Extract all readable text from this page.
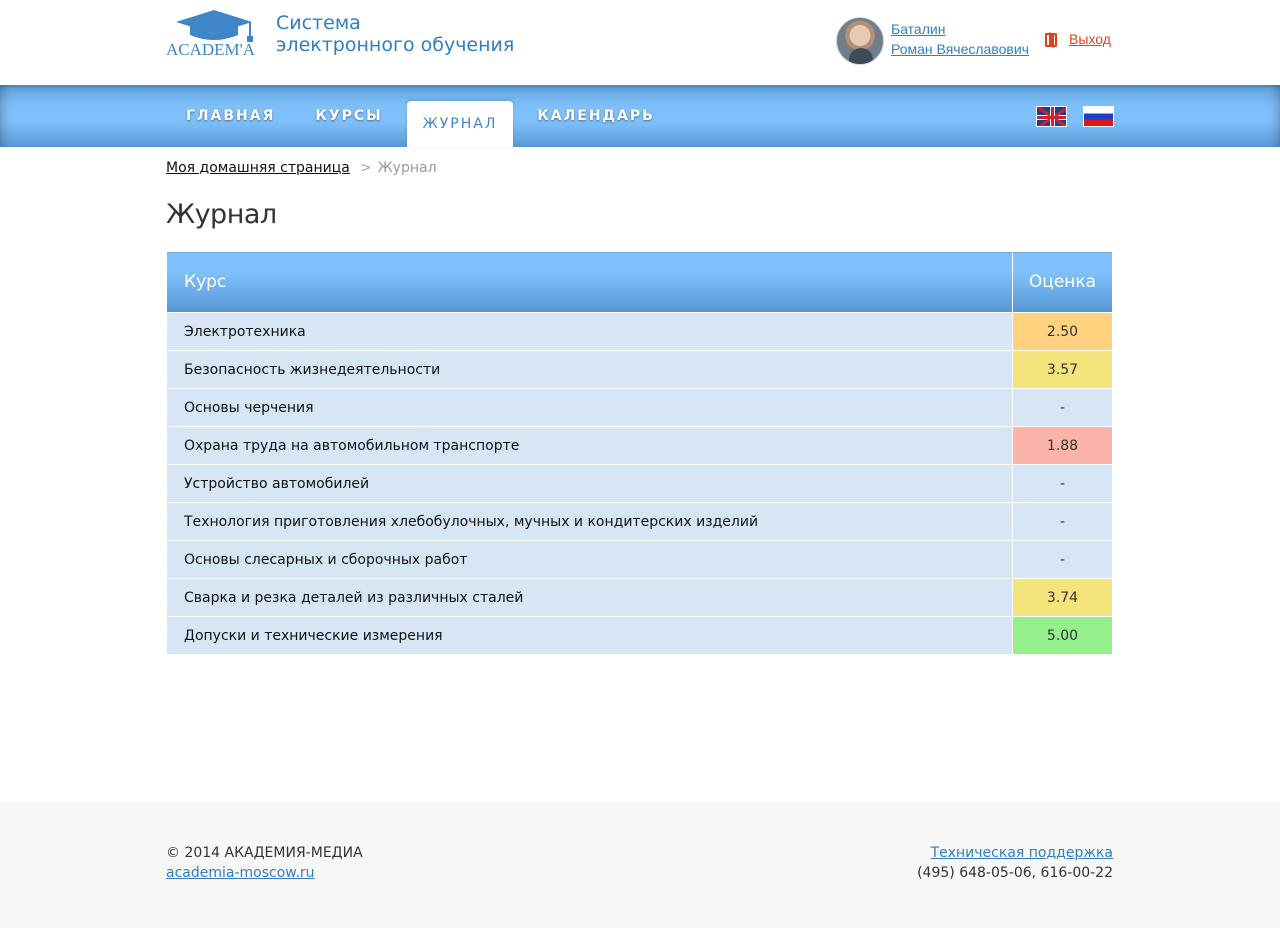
ACADEM'A
Система
электронного обучения
Баталин
Роман Вячеславович
Выход
ГЛАВНАЯ	КУРСЫ	ЖУРНАЛ	КАЛЕНДАРЬ
Моя домашняя страница > Журнал
Журнал
Курс	Оценка
Электротехника	2.50
Безопасность жизнедеятельности	3.57
Основы черчения	-
Охрана труда на автомобильном транспорте	1.88
Устройство автомобилей	-
Технология приготовления хлебобулочных, мучных и кондитерских изделий	-
Основы слесарных и сборочных работ	-
Сварка и резка деталей из различных сталей	3.74
Допуски и технические измерения	5.00
© 2014 АКАДЕМИЯ-МЕДИА
academia-moscow.ru
Техническая поддержка
(495) 648-05-06, 616-00-22
